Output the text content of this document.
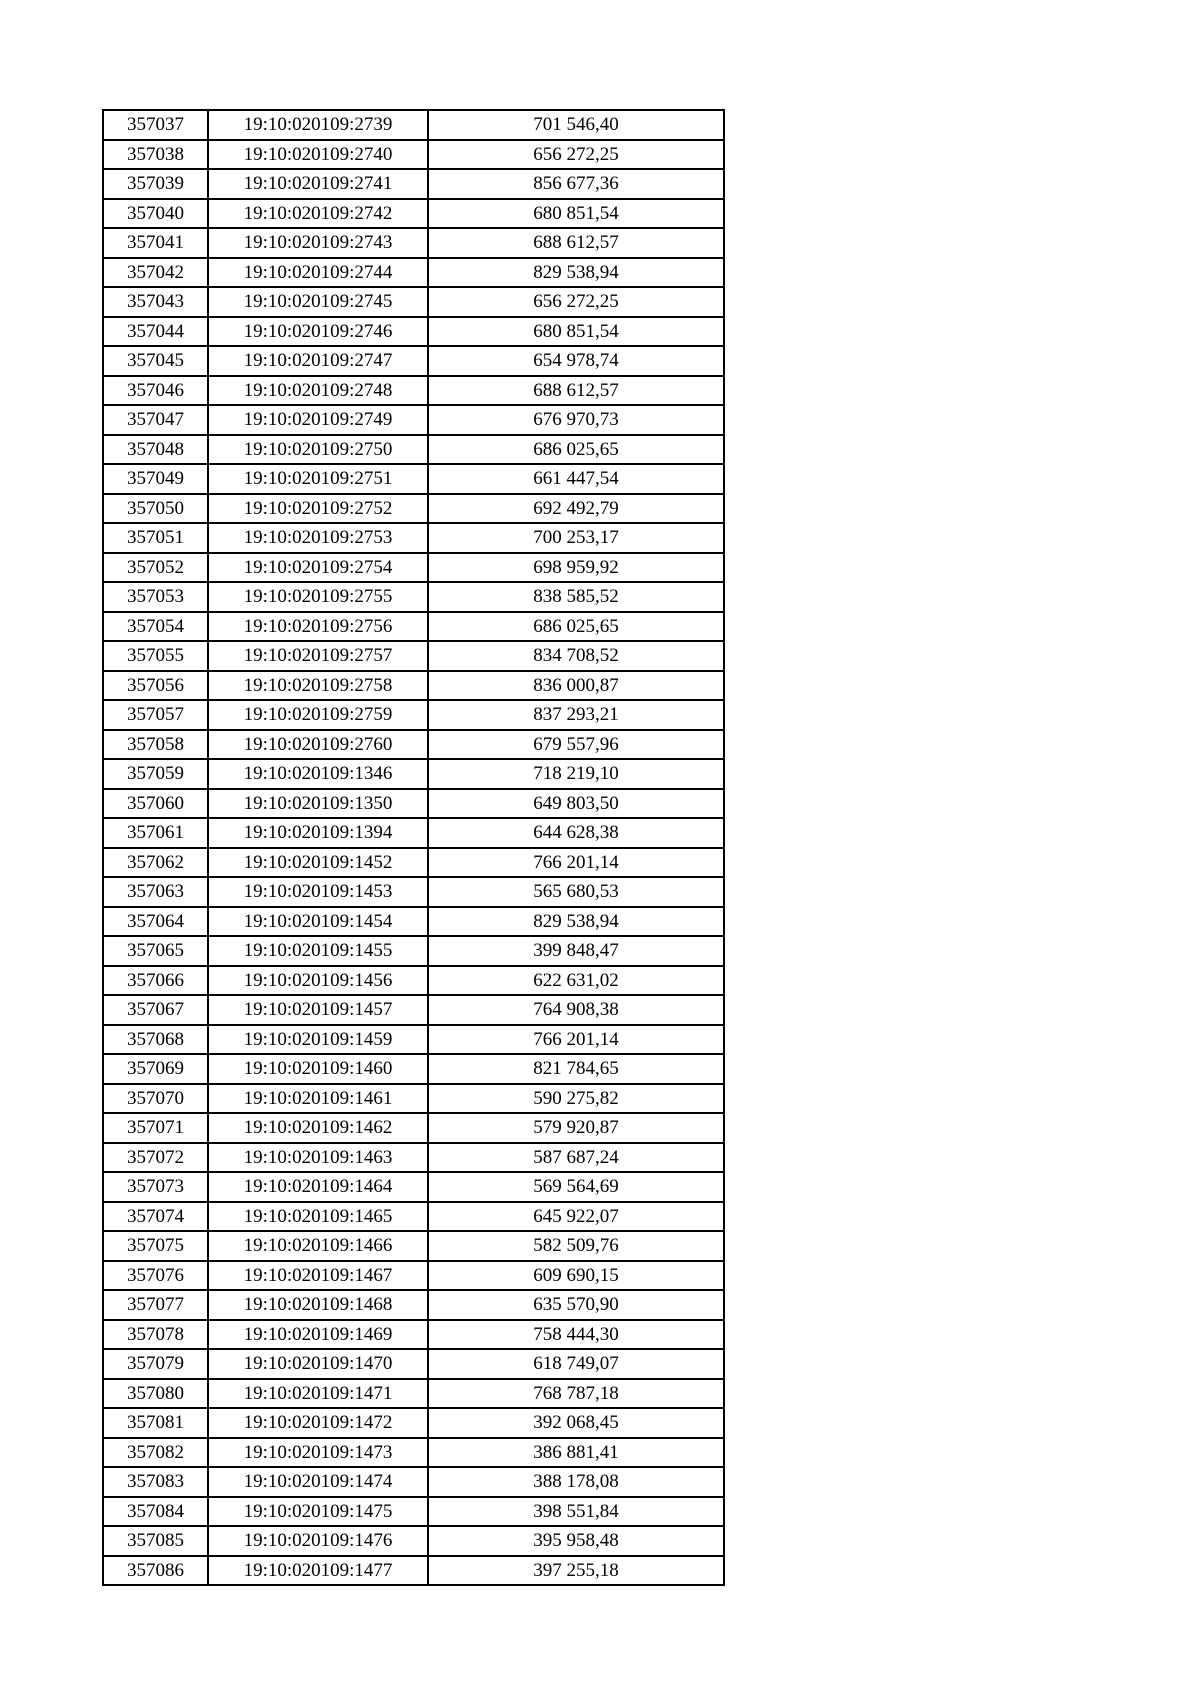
357037	19:10:020109:2739	701 546,40
357038	19:10:020109:2740	656 272,25
357039	19:10:020109:2741	856 677,36
357040	19:10:020109:2742	680 851,54
357041	19:10:020109:2743	688 612,57
357042	19:10:020109:2744	829 538,94
357043	19:10:020109:2745	656 272,25
357044	19:10:020109:2746	680 851,54
357045	19:10:020109:2747	654 978,74
357046	19:10:020109:2748	688 612,57
357047	19:10:020109:2749	676 970,73
357048	19:10:020109:2750	686 025,65
357049	19:10:020109:2751	661 447,54
357050	19:10:020109:2752	692 492,79
357051	19:10:020109:2753	700 253,17
357052	19:10:020109:2754	698 959,92
357053	19:10:020109:2755	838 585,52
357054	19:10:020109:2756	686 025,65
357055	19:10:020109:2757	834 708,52
357056	19:10:020109:2758	836 000,87
357057	19:10:020109:2759	837 293,21
357058	19:10:020109:2760	679 557,96
357059	19:10:020109:1346	718 219,10
357060	19:10:020109:1350	649 803,50
357061	19:10:020109:1394	644 628,38
357062	19:10:020109:1452	766 201,14
357063	19:10:020109:1453	565 680,53
357064	19:10:020109:1454	829 538,94
357065	19:10:020109:1455	399 848,47
357066	19:10:020109:1456	622 631,02
357067	19:10:020109:1457	764 908,38
357068	19:10:020109:1459	766 201,14
357069	19:10:020109:1460	821 784,65
357070	19:10:020109:1461	590 275,82
357071	19:10:020109:1462	579 920,87
357072	19:10:020109:1463	587 687,24
357073	19:10:020109:1464	569 564,69
357074	19:10:020109:1465	645 922,07
357075	19:10:020109:1466	582 509,76
357076	19:10:020109:1467	609 690,15
357077	19:10:020109:1468	635 570,90
357078	19:10:020109:1469	758 444,30
357079	19:10:020109:1470	618 749,07
357080	19:10:020109:1471	768 787,18
357081	19:10:020109:1472	392 068,45
357082	19:10:020109:1473	386 881,41
357083	19:10:020109:1474	388 178,08
357084	19:10:020109:1475	398 551,84
357085	19:10:020109:1476	395 958,48
357086	19:10:020109:1477	397 255,18
